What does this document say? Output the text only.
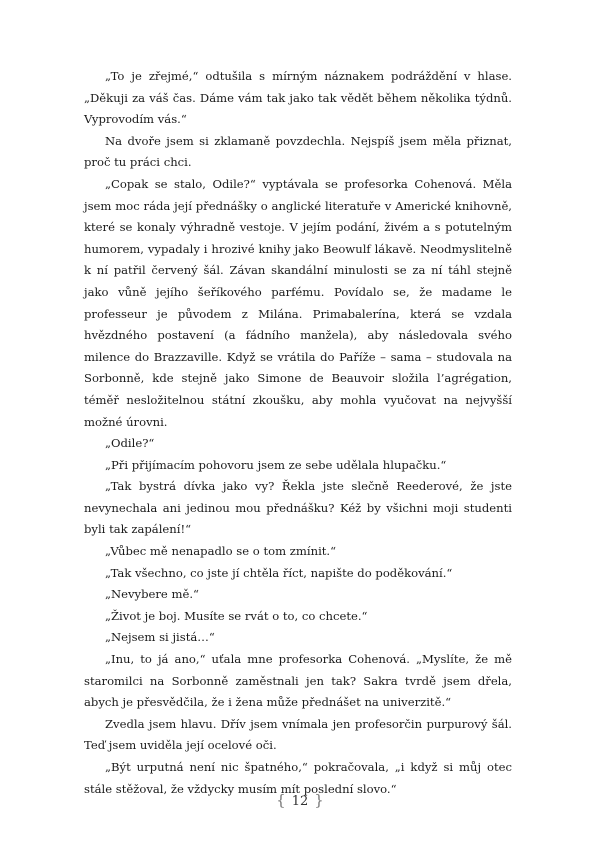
„To je zřejmé,“ odtušila s mírným náznakem podráždění v hlase. „Děkuji za váš čas. Dáme vám tak jako tak vědět během několika týdnů. Vyprovodím vás.“

Na dvoře jsem si zklamaně povzdechla. Nejspíš jsem měla přiznat, proč tu práci chci.

„Copak se stalo, Odile?“ vyptávala se profesorka Cohenová. Měla jsem moc ráda její přednášky o anglické literatuře v Americké knihovně, které se konaly výhradně vestoje. V jejím podání, živém a s potutelným humorem, vypadaly i hrozivé knihy jako Beowulf lákavě. Neodmyslitelně k ní patřil červený šál. Závan skandální minulosti se za ní táhl stejně jako vůně jejího šeříkového parfému. Povídalo se, že madame le professeur je původem z Milána. Primabalerína, která se vzdala hvězdného postavení (a fádního manžela), aby následovala svého milence do Brazzaville. Když se vrátila do Paříže – sama – studovala na Sorbonně, kde stejně jako Simone de Beauvoir složila l’agrégation, téměř nesložitelnou státní zkoušku, aby mohla vyučovat na nejvyšší možné úrovni.

„Odile?“

„Při přijímacím pohovoru jsem ze sebe udělala hlupačku.“

„Tak bystrá dívka jako vy? Řekla jste slečně Reederové, že jste nevynechala ani jedinou mou přednášku? Kéž by všichni moji studenti byli tak zapálení!“

„Vůbec mě nenapadlo se o tom zmínit.“

„Tak všechno, co jste jí chtěla říct, napište do poděkování.“

„Nevybere mě.“

„Život je boj. Musíte se rvát o to, co chcete.“

„Nejsem si jistá…“

„Inu, to já ano,“ uťala mne profesorka Cohenová. „Myslíte, že mě staromilci na Sorbonně zaměstnali jen tak? Sakra tvrdě jsem dřela, abych je přesvědčila, že i žena může přednášet na univerzitě.“

Zvedla jsem hlavu. Dřív jsem vnímala jen profesorčin purpurový šál. Teď jsem uviděla její ocelové oči.

„Být urputná není nic špatného,“ pokračovala, „i když si můj otec stále stěžoval, že vždycky musím mít poslední slovo.“

{ 12 }
